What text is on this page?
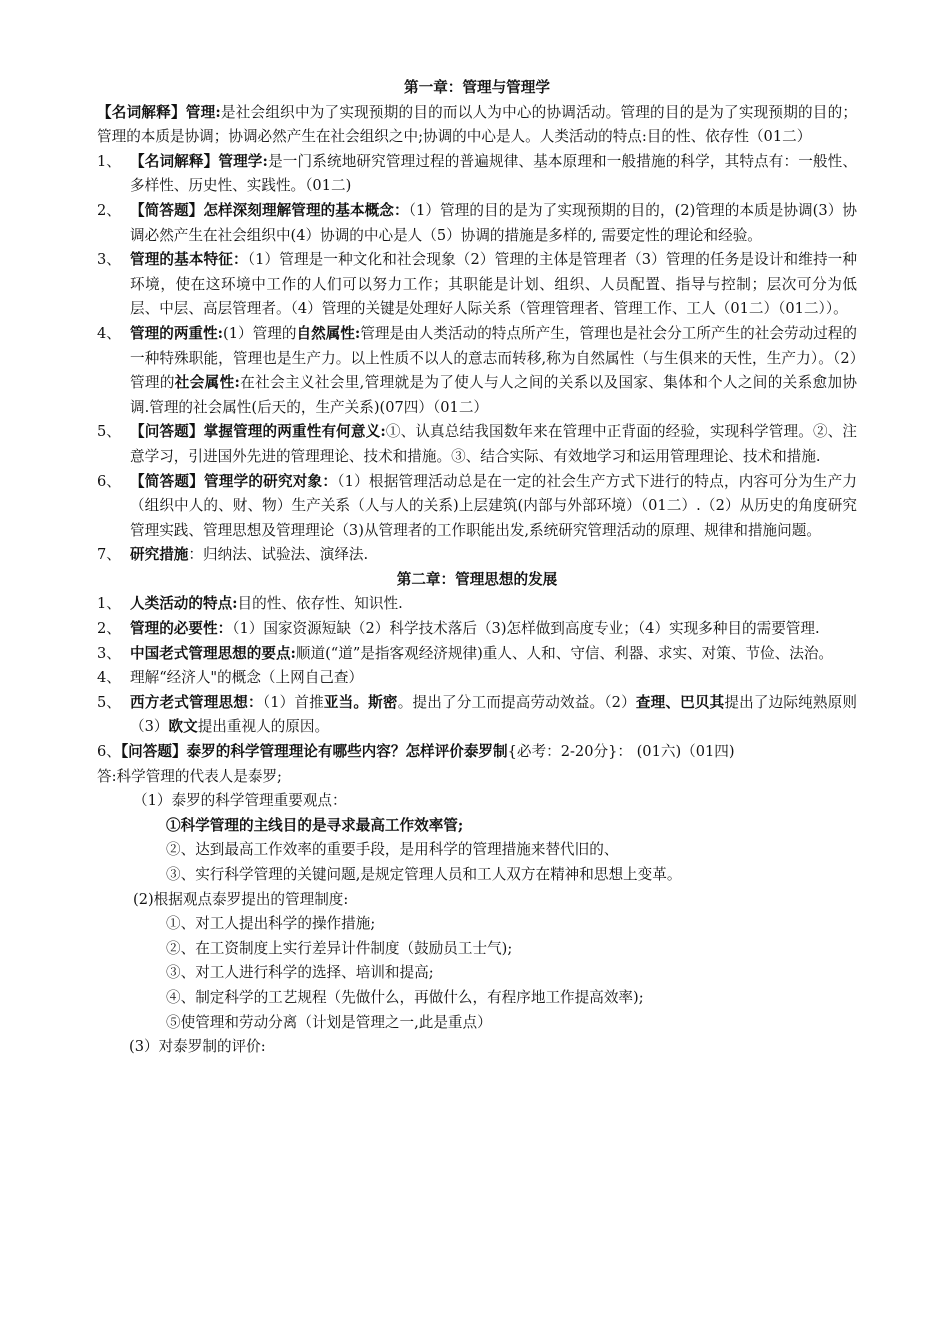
第一章：管理与管理学
【名词解释】管理:是社会组织中为了实现预期的目的而以人为中心的协调活动。管理的目的是为了实现预期的目的；管理的本质是协调；协调必然产生在社会组织之中;协调的中心是人。人类活动的特点:目的性、依存性（01二）
1、 【名词解释】管理学:是一门系统地研究管理过程的普遍规律、基本原理和一般措施的科学，其特点有：一般性、多样性、历史性、实践性。（01二)
2、 【简答题】怎样深刻理解管理的基本概念：（1）管理的目的是为了实现预期的目的，(2)管理的本质是协调(3）协调必然产生在社会组织中(4）协调的中心是人（5）协调的措施是多样的, 需要定性的理论和经验。
3、 管理的基本特征：（1）管理是一种文化和社会现象（2）管理的主体是管理者（3）管理的任务是设计和维持一种环境，使在这环境中工作的人们可以努力工作；其职能是计划、组织、人员配置、指导与控制；层次可分为低层、中层、高层管理者。（4）管理的关键是处理好人际关系（管理管理者、管理工作、工人（01二）（01二））。
4、 管理的两重性:(1）管理的自然属性:管理是由人类活动的特点所产生，管理也是社会分工所产生的社会劳动过程的一种特殊职能，管理也是生产力。以上性质不以人的意志而转移,称为自然属性（与生俱来的天性，生产力）。（2）管理的社会属性:在社会主义社会里,管理就是为了使人与人之间的关系以及国家、集体和个人之间的关系愈加协调.管理的社会属性(后天的，生产关系)(07四）（01二）
5、 【问答题】掌握管理的两重性有何意义:①、认真总结我国数年来在管理中正背面的经验，实现科学管理。②、注意学习，引进国外先进的管理理论、技术和措施。③、结合实际、有效地学习和运用管理理论、技术和措施.
6、 【简答题】管理学的研究对象：（1）根据管理活动总是在一定的社会生产方式下进行的特点，内容可分为生产力（组织中人的、财、物）生产关系（人与人的关系)上层建筑(内部与外部环境）（01二）.（2）从历史的角度研究管理实践、管理思想及管理理论（3)从管理者的工作职能出发,系统研究管理活动的原理、规律和措施问题。
7、 研究措施：归纳法、试验法、演绎法.
第二章：管理思想的发展
1、 人类活动的特点:目的性、依存性、知识性.
2、 管理的必要性：（1）国家资源短缺（2）科学技术落后（3)怎样做到高度专业；（4）实现多种目的需要管理.
3、 中国老式管理思想的要点:顺道(“道”是指客观经济规律)重人、人和、守信、利器、求实、对策、节俭、法治。
4、 理解“经济人"的概念（上网自己查）
5、 西方老式管理思想：（1）首推亚当。斯密。提出了分工而提高劳动效益。（2）查理、巴贝其提出了边际纯熟原则（3）欧文提出重视人的原因。
6、【问答题】泰罗的科学管理理论有哪些内容？怎样评价泰罗制{必考：2-20分}： (01六)（01四)
答:科学管理的代表人是泰罗;
（1）泰罗的科学管理重要观点：
①科学管理的主线目的是寻求最高工作效率管;
②、达到最高工作效率的重要手段，是用科学的管理措施来替代旧的、
③、实行科学管理的关键问题,是规定管理人员和工人双方在精神和思想上变革。
(2)根据观点泰罗提出的管理制度:
①、对工人提出科学的操作措施;
②、在工资制度上实行差异计件制度（鼓励员工士气);
③、对工人进行科学的选择、培训和提高;
④、制定科学的工艺规程（先做什么，再做什么，有程序地工作提高效率);
⑤使管理和劳动分离（计划是管理之一,此是重点）
(3）对泰罗制的评价:
